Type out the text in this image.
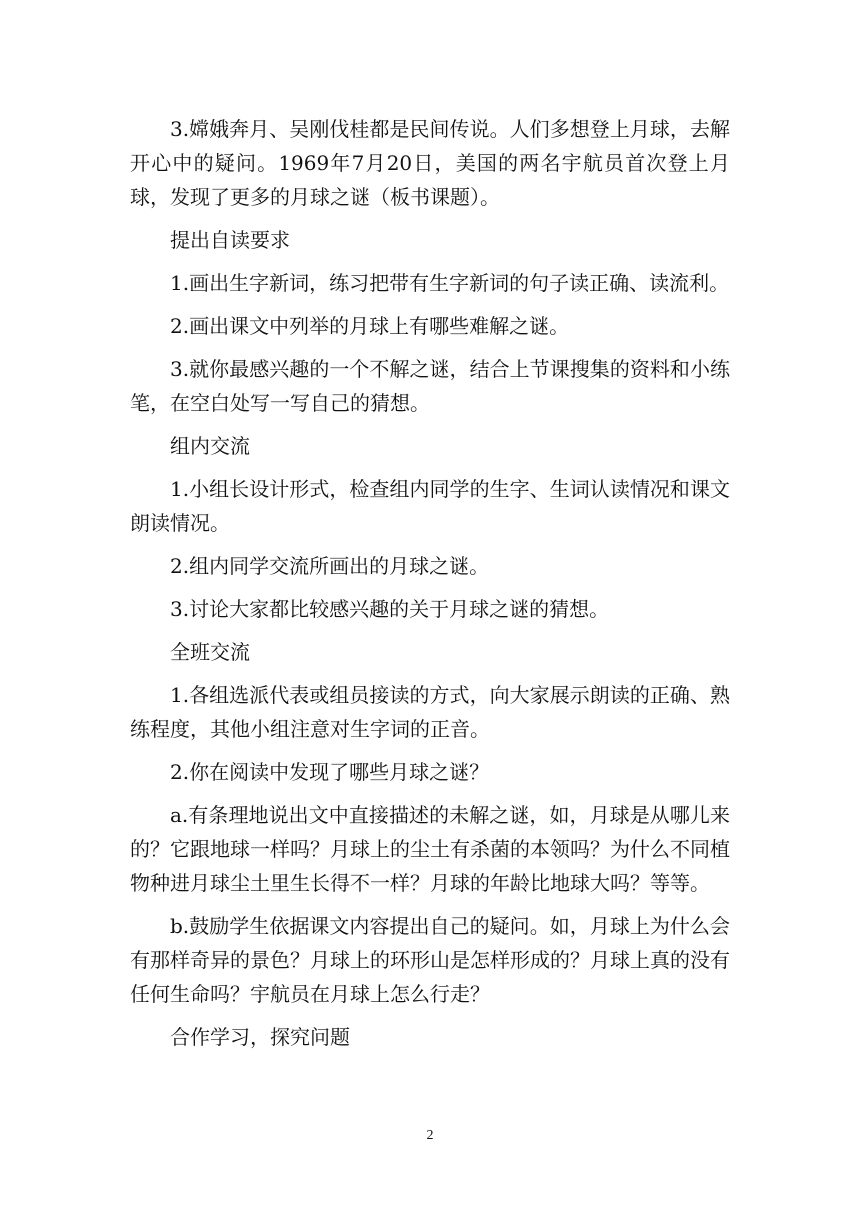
3.嫦娥奔月、吴刚伐桂都是民间传说。人们多想登上月球，去解开心中的疑问。1969年7月20日，美国的两名宇航员首次登上月球，发现了更多的月球之谜（板书课题）。

提出自读要求

1.画出生字新词，练习把带有生字新词的句子读正确、读流利。

2.画出课文中列举的月球上有哪些难解之谜。

3.就你最感兴趣的一个不解之谜，结合上节课搜集的资料和小练笔，在空白处写一写自己的猜想。

组内交流

1.小组长设计形式，检查组内同学的生字、生词认读情况和课文朗读情况。

2.组内同学交流所画出的月球之谜。

3.讨论大家都比较感兴趣的关于月球之谜的猜想。

全班交流

1.各组选派代表或组员接读的方式，向大家展示朗读的正确、熟练程度，其他小组注意对生字词的正音。

2.你在阅读中发现了哪些月球之谜？

a.有条理地说出文中直接描述的未解之谜，如，月球是从哪儿来的？它跟地球一样吗？月球上的尘土有杀菌的本领吗？为什么不同植物种进月球尘土里生长得不一样？月球的年龄比地球大吗？等等。

b.鼓励学生依据课文内容提出自己的疑问。如，月球上为什么会有那样奇异的景色？月球上的环形山是怎样形成的？月球上真的没有任何生命吗？宇航员在月球上怎么行走？

合作学习，探究问题

2
